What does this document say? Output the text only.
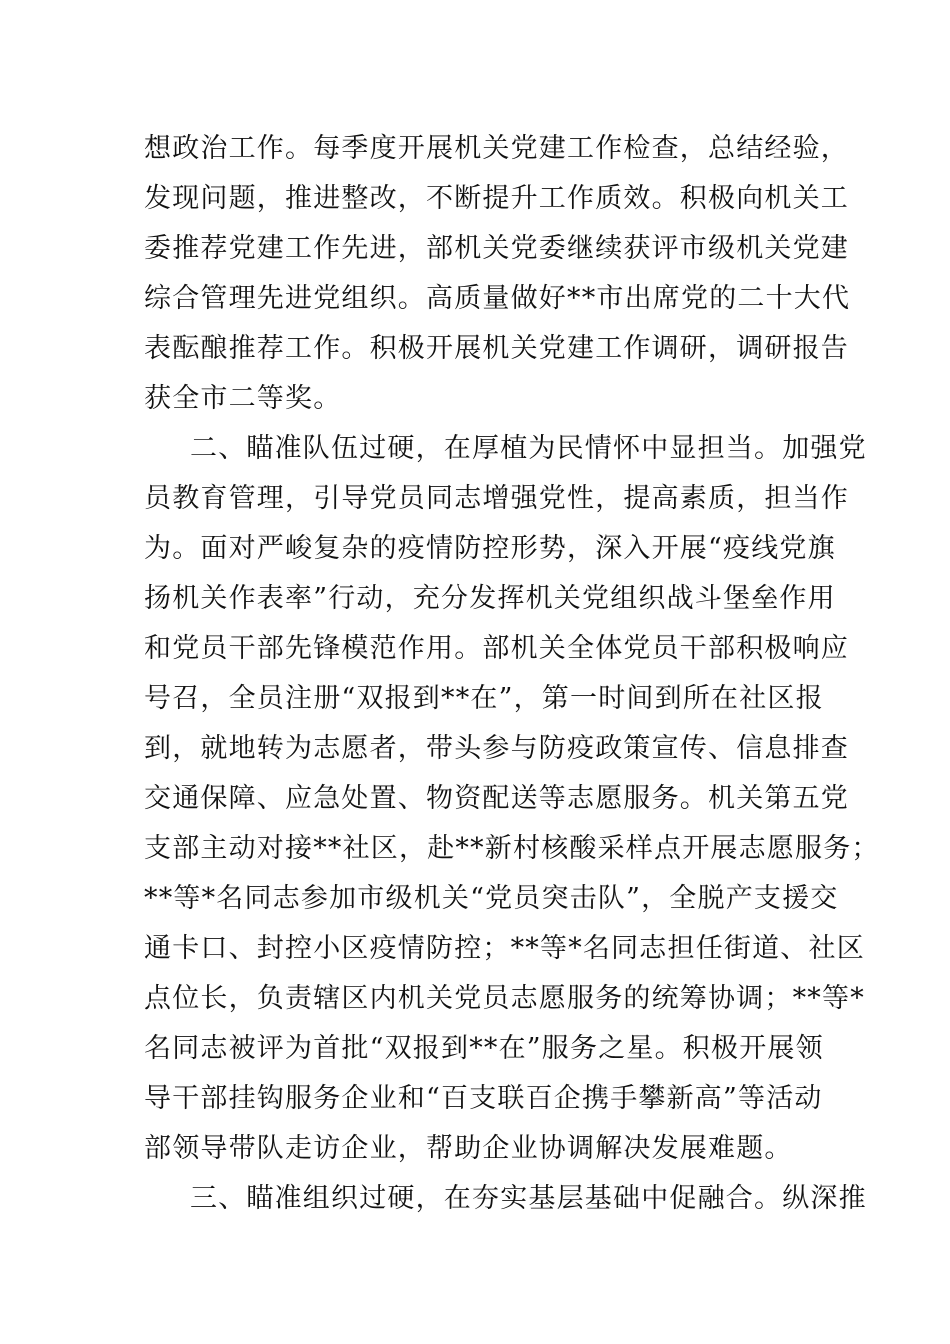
想政治工作。每季度开展机关党建工作检查，总结经验，
发现问题，推进整改，不断提升工作质效。积极向机关工
委推荐党建工作先进，部机关党委继续获评市级机关党建
综合管理先进党组织。高质量做好**市出席党的二十大代
表酝酿推荐工作。积极开展机关党建工作调研，调研报告
获全市二等奖。
二、瞄准队伍过硬，在厚植为民情怀中显担当。加强党
员教育管理，引导党员同志增强党性，提高素质，担当作
为。面对严峻复杂的疫情防控形势，深入开展“疫线党旗
扬机关作表率”行动，充分发挥机关党组织战斗堡垒作用
和党员干部先锋模范作用。部机关全体党员干部积极响应
号召，全员注册“双报到**在”，第一时间到所在社区报
到，就地转为志愿者，带头参与防疫政策宣传、信息排查
交通保障、应急处置、物资配送等志愿服务。机关第五党
支部主动对接**社区，赴**新村核酸采样点开展志愿服务；
**等*名同志参加市级机关“党员突击队”，全脱产支援交
通卡口、封控小区疫情防控；**等*名同志担任街道、社区
点位长，负责辖区内机关党员志愿服务的统筹协调；**等*
名同志被评为首批“双报到**在”服务之星。积极开展领
导干部挂钩服务企业和“百支联百企携手攀新高”等活动
部领导带队走访企业，帮助企业协调解决发展难题。
三、瞄准组织过硬，在夯实基层基础中促融合。纵深推
